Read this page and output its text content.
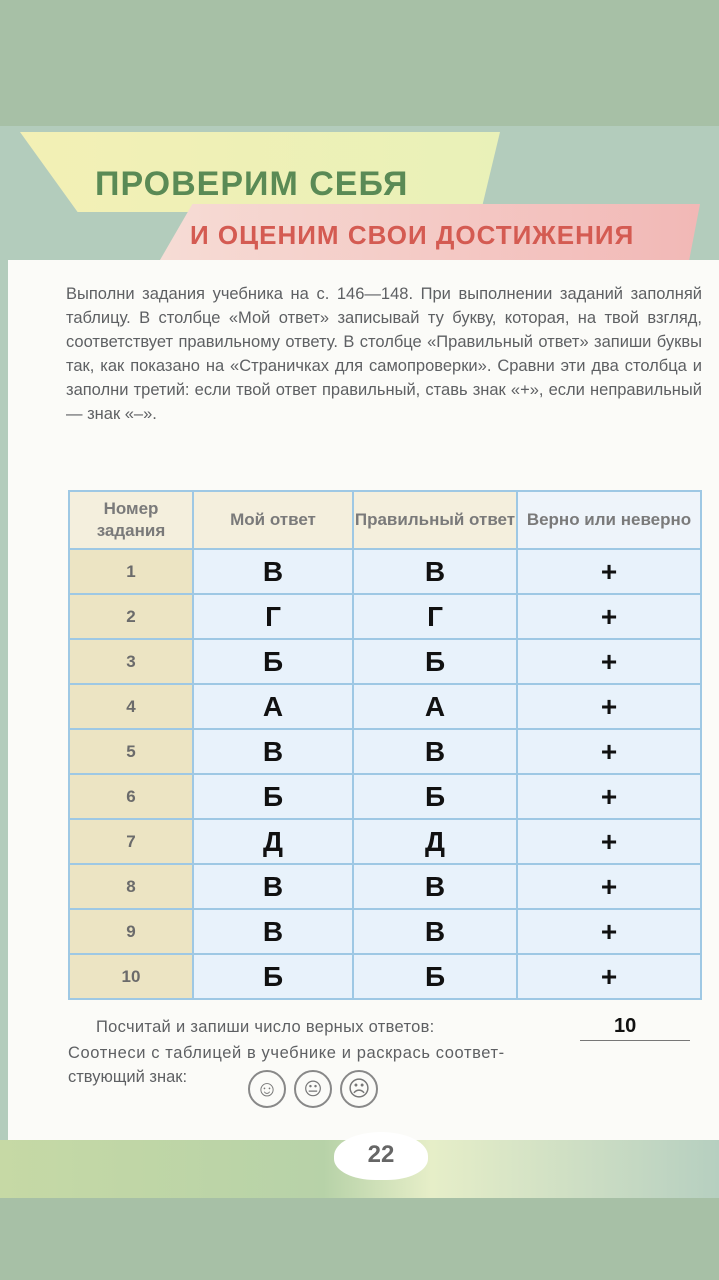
ПРОВЕРИМ СЕБЯ
И ОЦЕНИМ СВОИ ДОСТИЖЕНИЯ
Выполни задания учебника на с. 146—148. При выполнении заданий заполняй таблицу. В столбце «Мой ответ» записывай ту букву, которая, на твой взгляд, соответствует правильному ответу. В столбце «Правильный ответ» запиши буквы так, как показано на «Страничках для самопроверки». Сравни эти два столбца и заполни третий: если твой ответ правильный, ставь знак «+», если неправильный — знак «–».
Номер задания	Мой ответ	Правильный ответ	Верно или неверно
1	В	В	+
2	Г	Г	+
3	Б	Б	+
4	А	А	+
5	В	В	+
6	Б	Б	+
7	Д	Д	+
8	В	В	+
9	В	В	+
10	Б	Б	+
Посчитай и запиши число верных ответов:	10
Соотнеси с таблицей в учебнике и раскрась соответ-
ствующий знак:	☺	😐	☹
22
